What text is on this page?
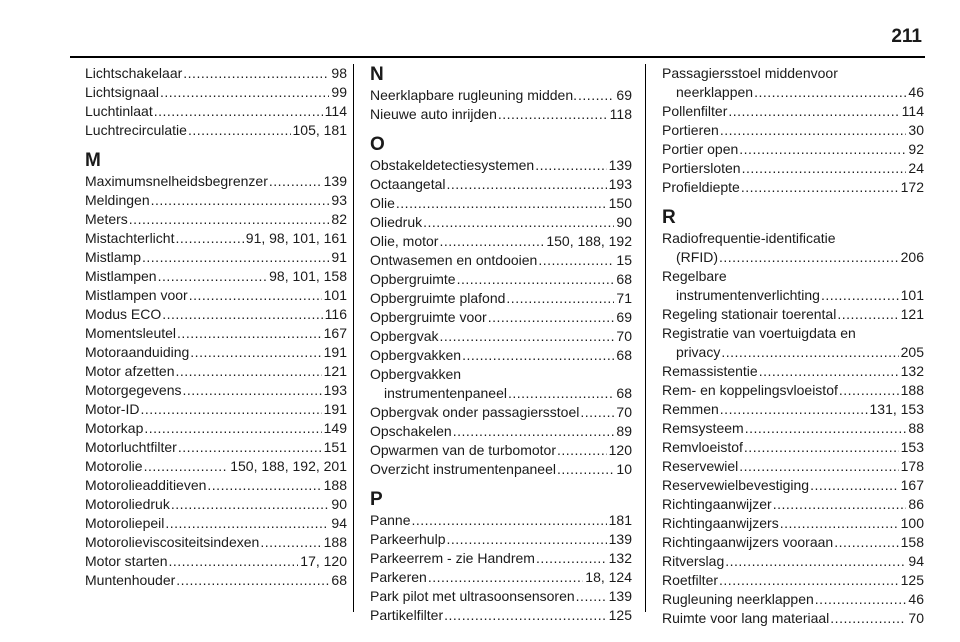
211
Lichtschakelaar .....	98
Lichtsignaal .....	99
Luchtinlaat .....	114
Luchtrecirculatie .....	105, 181
M
Maximumsnelheidsbegrenzer .....	139
Meldingen .....	93
Meters .....	82
Mistachterlicht .....	91, 98, 101, 161
Mistlamp .....	91
Mistlampen .....	98, 101, 158
Mistlampen voor .....	101
Modus ECO .....	116
Momentsleutel .....	167
Motoraanduiding .....	191
Motor afzetten .....	121
Motorgegevens .....	193
Motor-ID .....	191
Motorkap .....	149
Motorluchtfilter .....	151
Motorolie .....	150, 188, 192, 201
Motorolieadditieven .....	188
Motoroliedruk .....	90
Motoroliepeil .....	94
Motorolieviscositeitsindexen .....	188
Motor starten .....	17, 120
Muntenhouder .....	68
N
Neerklapbare rugleuning midden. .....	69
Nieuwe auto inrijden .....	118
O
Obstakeldetectiesystemen .....	139
Octaangetal .....	193
Olie .....	150
Oliedruk .....	90
Olie, motor .....	150, 188, 192
Ontwasemen en ontdooien .....	15
Opbergruimte .....	68
Opbergruimte plafond .....	71
Opbergruimte voor .....	69
Opbergvak .....	70
Opbergvakken .....	68
Opbergvakken
instrumentenpaneel .....	68
Opbergvak onder passagiersstoel .....	70
Opschakelen .....	89
Opwarmen van de turbomotor .....	120
Overzicht instrumentenpaneel .....	10
P
Panne .....	181
Parkeerhulp .....	139
Parkeerrem - zie Handrem .....	132
Parkeren .....	18, 124
Park pilot met ultrasoonsensoren ..... 139
Partikelfilter .....	125
Passagiersstoel middenvoor
neerklappen .....	46
Pollenfilter .....	114
Portieren .....	30
Portier open .....	92
Portiersloten .....	24
Profieldiepte .....	172
R
Radiofrequentie-identificatie
(RFID) .....	206
Regelbare
instrumentenverlichting .....	101
Regeling stationair toerental .....	121
Registratie van voertuigdata en
privacy .....	205
Remassistentie .....	132
Rem- en koppelingsvloeistof .....	188
Remmen .....	131, 153
Remsysteem .....	88
Remvloeistof .....	153
Reservewiel .....	178
Reservewielbevestiging .....	167
Richtingaanwijzer .....	86
Richtingaanwijzers .....	100
Richtingaanwijzers vooraan .....	158
Ritverslag .....	94
Roetfilter .....	125
Rugleuning neerklappen .....	46
Ruimte voor lang materiaal .....	70
